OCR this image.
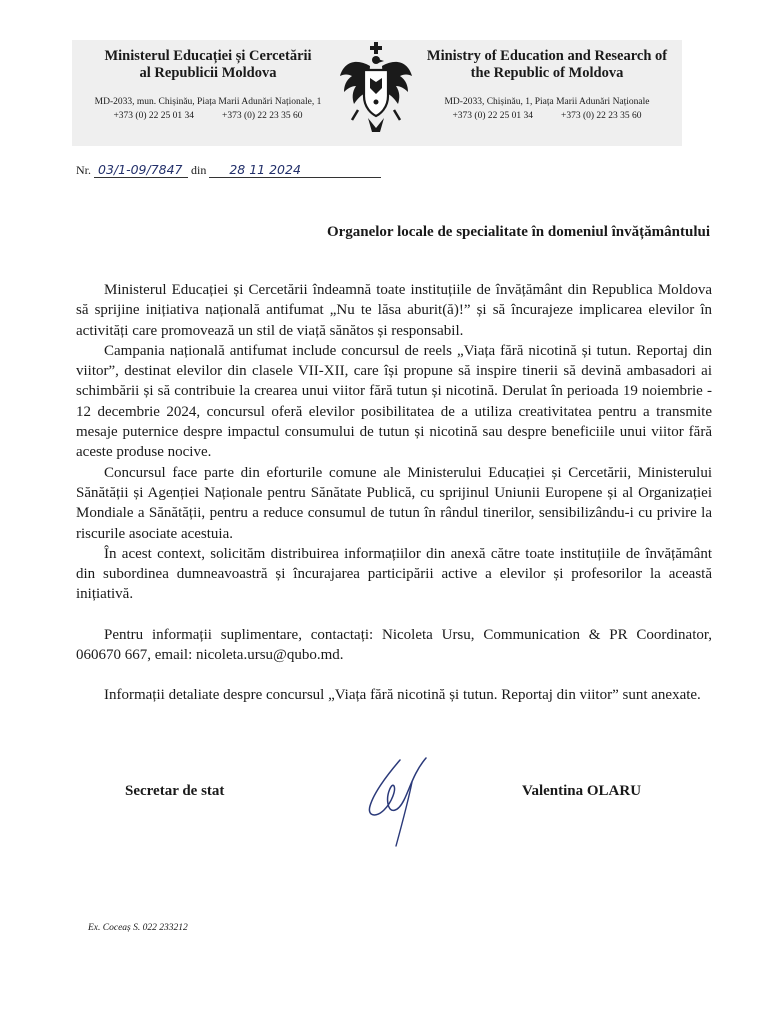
Ministerul Educației și Cercetării
al Republicii Moldova
MD-2033, mun. Chișinău, Piața Marii Adunări Naționale, 1
+373 (0) 22 25 01 34	+373 (0) 22 23 35 60
Ministry of Education and Research of
the Republic of Moldova
MD-2033, Chișinău, 1, Piața Marii Adunări Naționale
+373 (0) 22 25 01 34	+373 (0) 22 23 35 60
Nr. 03/1-09/7847 din 28 11 2024
Organelor locale de specialitate în domeniul învățământului

Ministerul Educației și Cercetării îndeamnă toate instituțiile de învățământ din Republica Moldova să sprijine inițiativa națională antifumat „Nu te lăsa aburit(ă)!” și să încurajeze implicarea elevilor în activități care promovează un stil de viață sănătos și responsabil.

Campania națională antifumat include concursul de reels „Viața fără nicotină și tutun. Reportaj din viitor”, destinat elevilor din clasele VII-XII, care își propune să inspire tinerii să devină ambasadori ai schimbării și să contribuie la crearea unui viitor fără tutun și nicotină. Derulat în perioada 19 noiembrie - 12 decembrie 2024, concursul oferă elevilor posibilitatea de a utiliza creativitatea pentru a transmite mesaje puternice despre impactul consumului de tutun și nicotină sau despre beneficiile unui viitor fără aceste produse nocive.

Concursul face parte din eforturile comune ale Ministerului Educației și Cercetării, Ministerului Sănătății și Agenției Naționale pentru Sănătate Publică, cu sprijinul Uniunii Europene și al Organizației Mondiale a Sănătății, pentru a reduce consumul de tutun în rândul tinerilor, sensibilizându-i cu privire la riscurile asociate acestuia.

În acest context, solicităm distribuirea informațiilor din anexă către toate instituțiile de învățământ din subordinea dumneavoastră și încurajarea participării active a elevilor și profesorilor la această inițiativă.

Pentru informații suplimentare, contactați: Nicoleta Ursu, Communication & PR Coordinator, 060670 667, email: nicoleta.ursu@qubo.md.

Informații detaliate despre concursul „Viața fără nicotină și tutun. Reportaj din viitor” sunt anexate.

Secretar de stat	Valentina OLARU
Ex. Coceaș S. 022 233212
